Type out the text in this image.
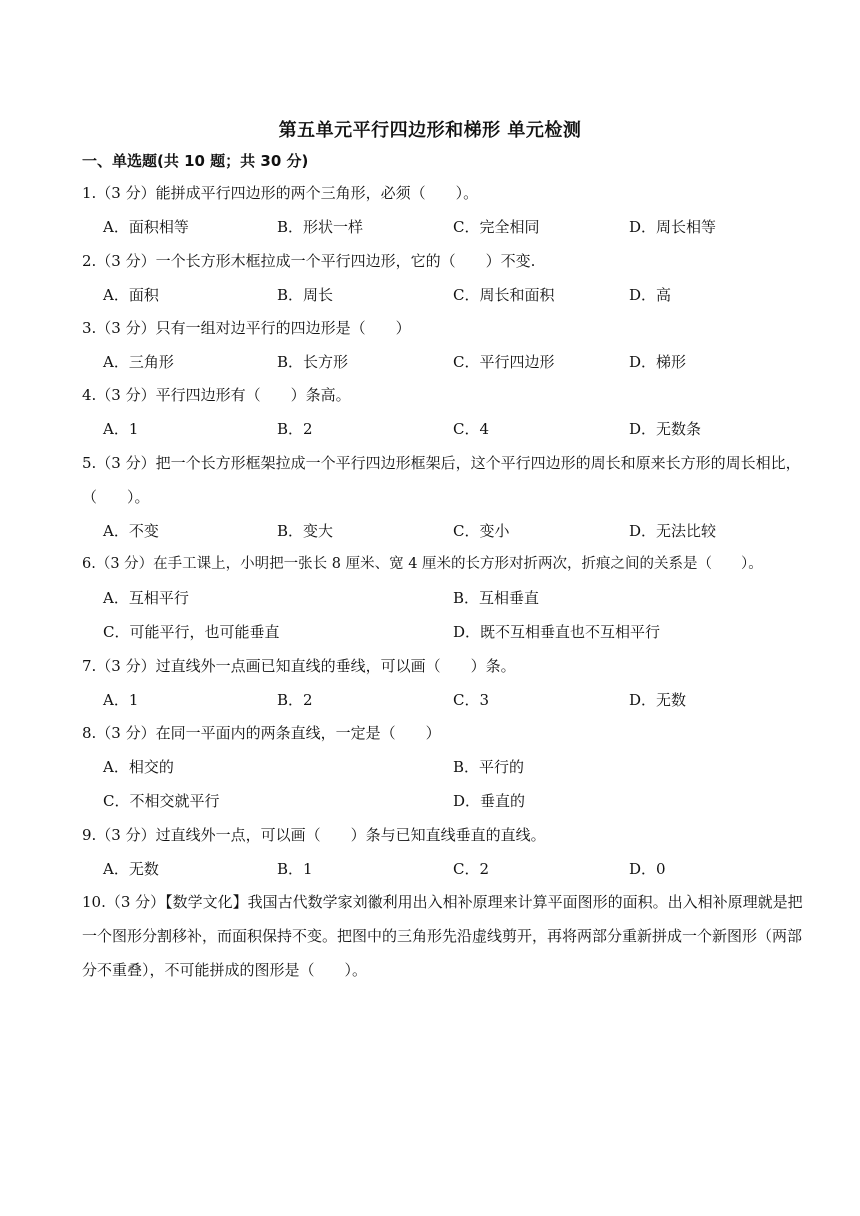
第五单元平行四边形和梯形 单元检测
一、单选题(共 10 题；共 30 分)
1.（3 分）能拼成平行四边形的两个三角形，必须（　　）。
A．面积相等	B．形状一样	C．完全相同	D．周长相等
2.（3 分）一个长方形木框拉成一个平行四边形，它的（　　）不变.
A．面积	B．周长	C．周长和面积	D．高
3.（3 分）只有一组对边平行的四边形是（　　）
A．三角形	B．长方形	C．平行四边形	D．梯形
4.（3 分）平行四边形有（　　）条高。
A．1	B．2	C．4	D．无数条
5.（3 分）把一个长方形框架拉成一个平行四边形框架后，这个平行四边形的周长和原来长方形的周长相比，（　　）。
A．不变	B．变大	C．变小	D．无法比较
6.（3 分）在手工课上，小明把一张长 8 厘米、宽 4 厘米的长方形对折两次，折痕之间的关系是（　　）。
A．互相平行	B．互相垂直
C．可能平行，也可能垂直	D．既不互相垂直也不互相平行
7.（3 分）过直线外一点画已知直线的垂线，可以画（　　）条。
A．1	B．2	C．3	D．无数
8.（3 分）在同一平面内的两条直线，一定是（　　）
A．相交的	B．平行的
C．不相交就平行	D．垂直的
9.（3 分）过直线外一点，可以画（　　）条与已知直线垂直的直线。
A．无数	B．1	C．2	D．0
10.（3 分）【数学文化】我国古代数学家刘徽利用出入相补原理来计算平面图形的面积。出入相补原理就是把一个图形分割移补，而面积保持不变。把图中的三角形先沿虚线剪开，再将两部分重新拼成一个新图形（两部分不重叠），不可能拼成的图形是（　　）。
